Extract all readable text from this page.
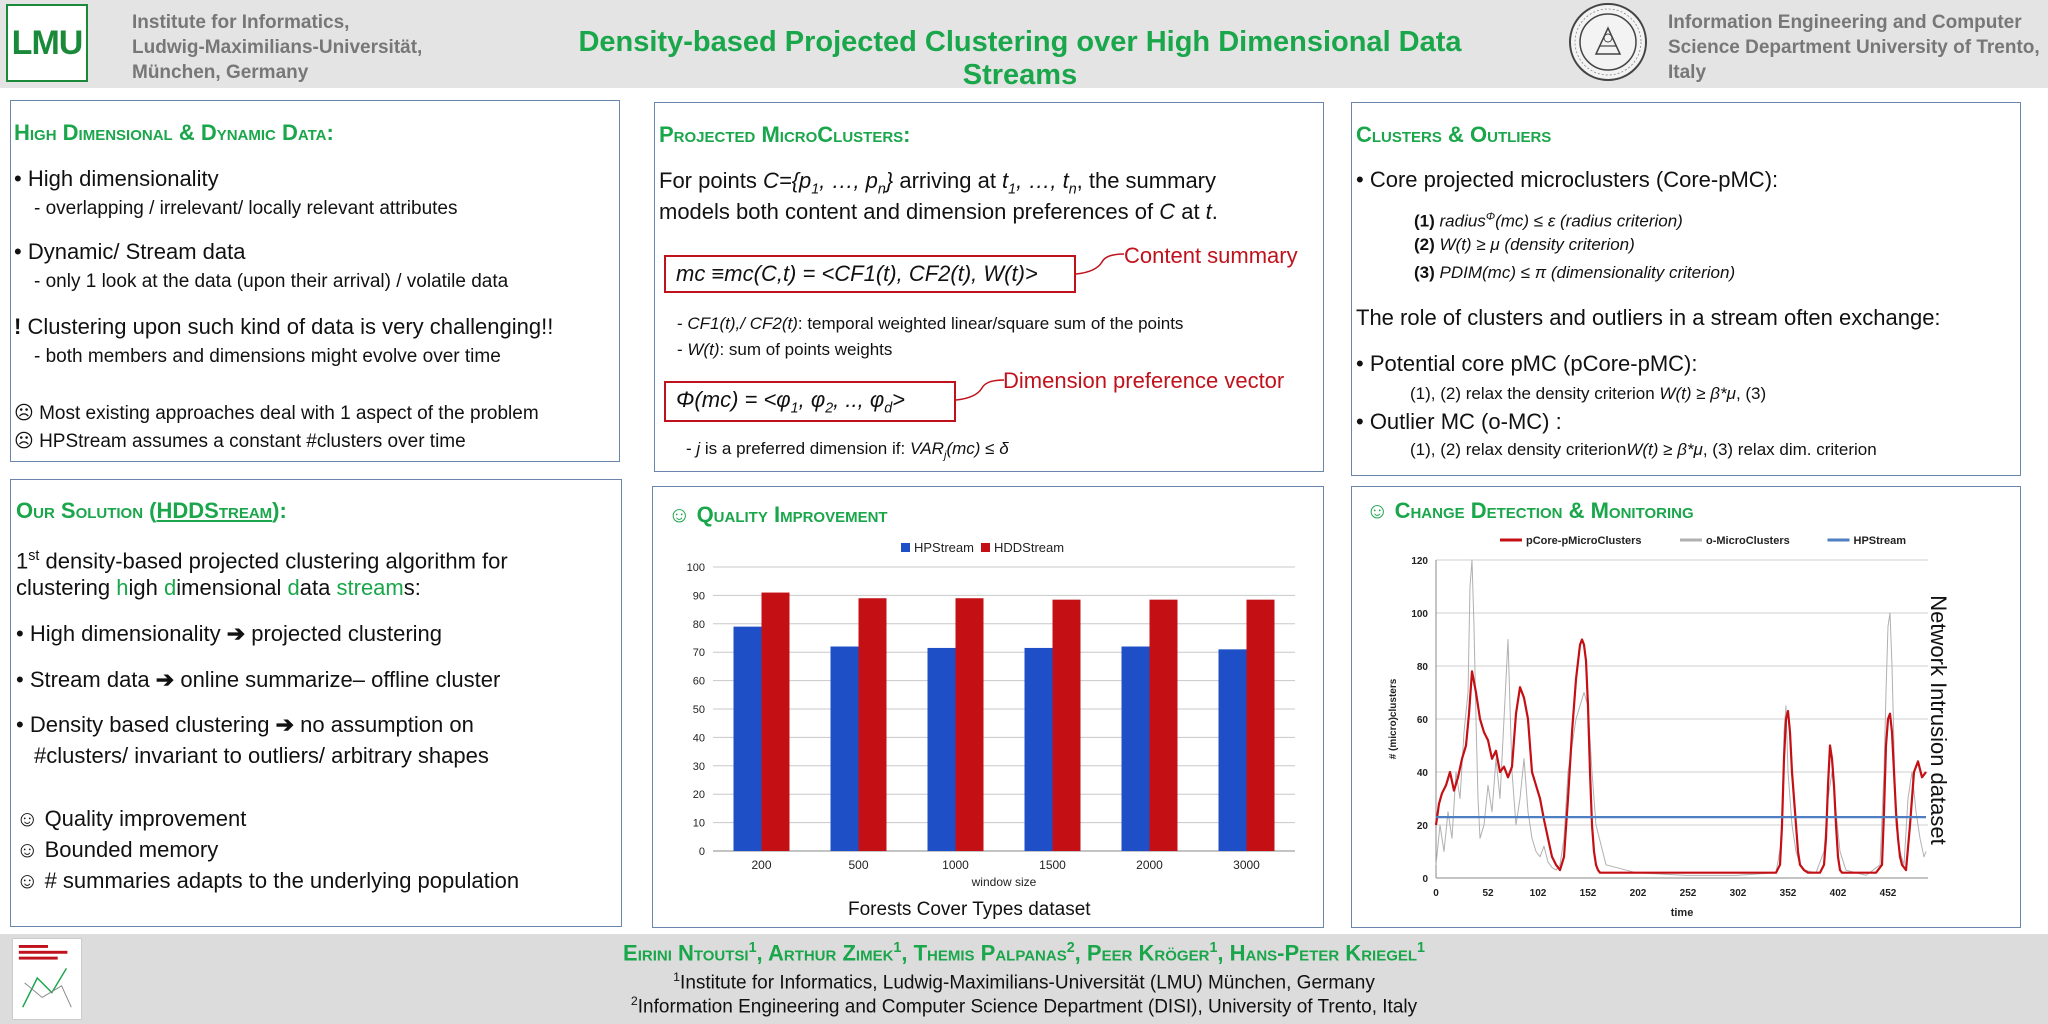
LMU
Institute for Informatics,
Ludwig-Maximilians-Universität,
München, Germany
Density-based Projected Clustering over High Dimensional Data Streams
Information Engineering and Computer
Science Department University of Trento,
Italy
High Dimensional & Dynamic Data:
• High dimensionality
- overlapping / irrelevant/ locally relevant attributes
• Dynamic/ Stream data
- only 1 look at the data (upon their arrival) / volatile data
! Clustering upon such kind of data is very challenging!!
- both members and dimensions might evolve over time
☹ Most existing approaches deal with 1 aspect of the problem
☹ HPStream assumes a constant #clusters over time
Projected MicroClusters:
For points $C=\{p_1$, …, $p_n$} arriving at $t_1$, …, $t_n$, the summary
models both content and dimension preferences of C at t.
mc ≡mc(C,t) = <CF1(t), CF2(t), W(t)>
Content summary
- CF1(t),/ CF2(t): temporal weighted linear/square sum of the points
- W(t): sum of points weights
$\Phi(mc) = <\varphi_1$, $\varphi_2$, .., $\varphi_d>$
Dimension preference vector
- j is a preferred dimension if: $VAR_j(mc) \le \delta$
Clusters & Outliers
• Core projected microclusters (Core-pMC):
(1) radius$^\Phi$(mc) ≤ ε (radius criterion)
(2) W(t) ≥ μ (density criterion)
(3) PDIM(mc) ≤ π (dimensionality criterion)
The role of clusters and outliers in a stream often exchange:
• Potential core pMC (pCore-pMC):
(1), (2) relax the density criterion W(t) ≥ β*μ, (3)
• Outlier MC (o-MC) :
(1), (2) relax density criterionW(t) ≥ β*μ, (3) relax dim. criterion
Our Solution (HDDStream):
1st density-based projected clustering algorithm for
clustering high dimensional data streams:
• High dimensionality ➔ projected clustering
• Stream data ➔ online summarize– offline cluster
• Density based clustering ➔ no assumption on
#clusters/ invariant to outliers/ arbitrary shapes
☺ Quality improvement
☺ Bounded memory
☺ # summaries adapts to the underlying population
☺ Quality Improvement
HPStream HDDStream
0
10
20
30
40
50
60
70
80
90
100
200	500	1000	1500	2000	3000
window size
Forests Cover Types dataset
☺ Change Detection & Monitoring
pCore-pMicroClusters	o-MicroClusters	HPStream
0
20
40
60
80
100
120
0	52	102	152	202	252	302	352	402	452
time
# (micro)clusters	Network Intrusion dataset
Eirini Ntoutsi$^1$, Arthur Zimek$^1$, Themis Palpanas$^2$, Peer Kröger$^1$, Hans-Peter Kriegel$^1$
$^1$Institute for Informatics, Ludwig-Maximilians-Universität (LMU) München, Germany
$^2$Information Engineering and Computer Science Department (DISI), University of Trento, Italy
